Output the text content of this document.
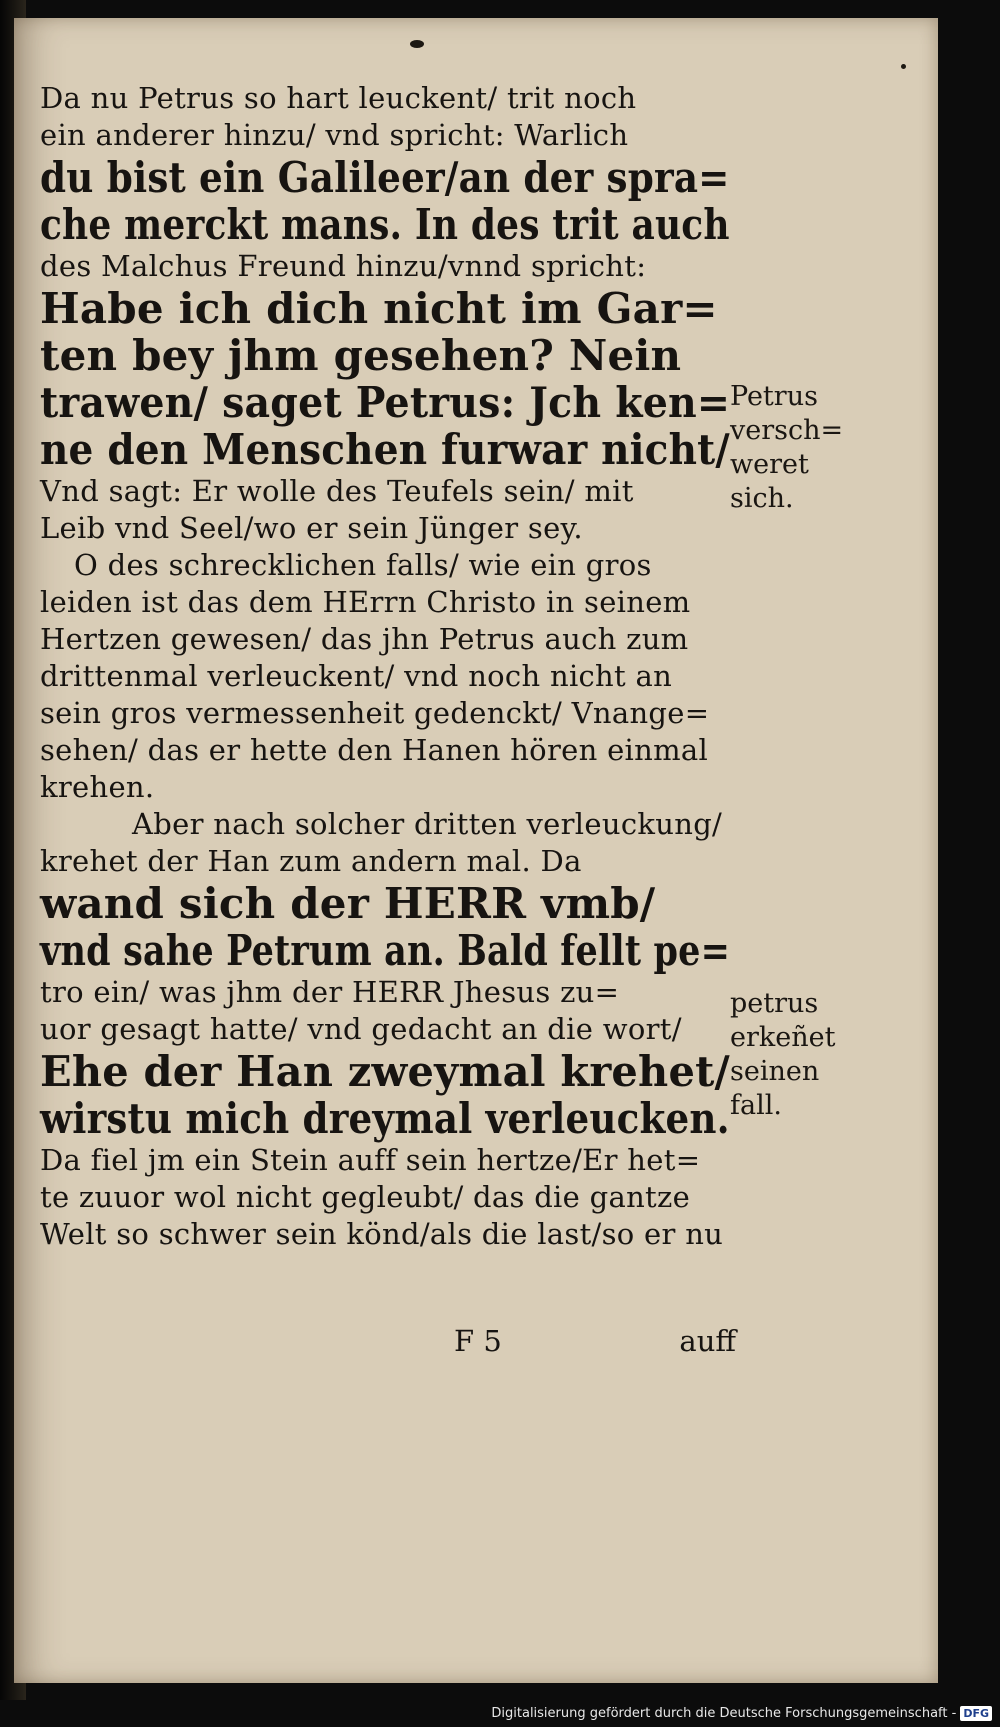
Da nu Petrus so hart leuckent/ trit noch
ein anderer hinzu/ vnd spricht: Warlich
du bist ein Galileer/an der spra=
che merckt mans. In des trit auch
des Malchus Freund hinzu/vnnd spricht:
Habe ich dich nicht im Gar=
ten bey jhm gesehen? Nein
trawen/ saget Petrus: Jch ken=
ne den Menschen furwar nicht/
Vnd sagt: Er wolle des Teufels sein/ mit
Leib vnd Seel/wo er sein Jünger sey.
O des schrecklichen falls/ wie ein gros
leiden ist das dem HErrn Christo in seinem
Hertzen gewesen/ das jhn Petrus auch zum
drittenmal verleuckent/ vnd noch nicht an
sein gros vermessenheit gedenckt/ Vnange=
sehen/ das er hette den Hanen hören einmal
krehen.
Aber nach solcher dritten verleuckung/
krehet der Han zum andern mal. Da
wand sich der HERR vmb/
vnd sahe Petrum an. Bald fellt pe=
tro ein/ was jhm der HERR Jhesus zu=
uor gesagt hatte/ vnd gedacht an die wort/
Ehe der Han zweymal krehet/
wirstu mich dreymal verleucken.
Da fiel jm ein Stein auff sein hertze/Er het=
te zuuor wol nicht gegleubt/ das die gantze
Welt so schwer sein könd/als die last/so er nu
F 5	auff
Petrus
versch=
weret
sich.
petrus
erkeñet
seinen
fall.
Digitalisierung gefördert durch die Deutsche Forschungsgemeinschaft - DFG
